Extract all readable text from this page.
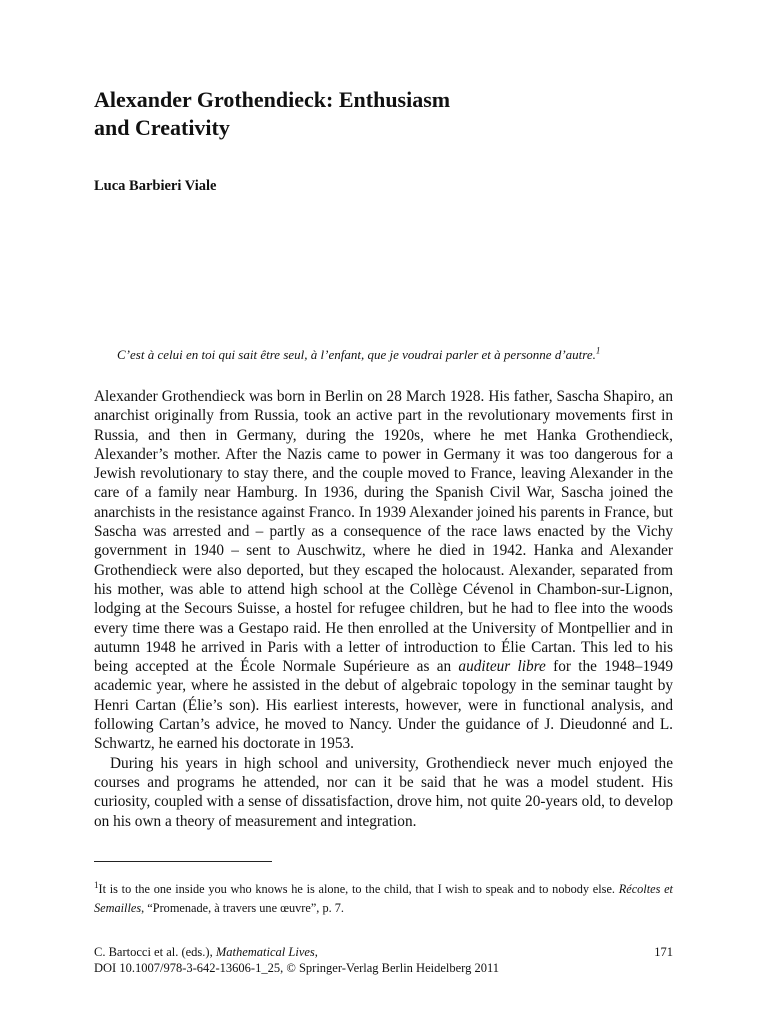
Alexander Grothendieck: Enthusiasm
and Creativity
Luca Barbieri Viale
C’est à celui en toi qui sait être seul, à l’enfant, que je voudrai parler et à personne d’autre.$^1$

Alexander Grothendieck was born in Berlin on 28 March 1928. His father, Sascha Shapiro, an anarchist originally from Russia, took an active part in the revolutionary movements first in Russia, and then in Germany, during the 1920s, where he met Hanka Grothendieck, Alexander’s mother. After the Nazis came to power in Germany it was too dangerous for a Jewish revolutionary to stay there, and the couple moved to France, leaving Alexander in the care of a family near Hamburg. In 1936, during the Spanish Civil War, Sascha joined the anarchists in the resistance against Franco. In 1939 Alexander joined his parents in France, but Sascha was arrested and – partly as a consequence of the race laws enacted by the Vichy government in 1940 – sent to Auschwitz, where he died in 1942. Hanka and Alexander Grothendieck were also deported, but they escaped the holocaust. Alexander, separated from his mother, was able to attend high school at the Collège Cévenol in Chambon-sur-Lignon, lodging at the Secours Suisse, a hostel for refugee children, but he had to flee into the woods every time there was a Gestapo raid. He then enrolled at the University of Montpellier and in autumn 1948 he arrived in Paris with a letter of introduction to Élie Cartan. This led to his being accepted at the École Normale Supérieure as an auditeur libre for the 1948–1949 academic year, where he assisted in the debut of algebraic topology in the seminar taught by Henri Cartan (Élie’s son). His earliest interests, however, were in functional analysis, and following Cartan’s advice, he moved to Nancy. Under the guidance of J. Dieudonné and L. Schwartz, he earned his doctorate in 1953.

During his years in high school and university, Grothendieck never much enjoyed the courses and programs he attended, nor can it be said that he was a model student. His curiosity, coupled with a sense of dissatisfaction, drove him, not quite 20-years old, to develop on his own a theory of measurement and integration.

$^1$It is to the one inside you who knows he is alone, to the child, that I wish to speak and to nobody else. Récoltes et Semailles, “Promenade, à travers une œuvre”, p. 7.
C. Bartocci et al. (eds.), Mathematical Lives,
DOI 10.1007/978-3-642-13606-1_25, © Springer-Verlag Berlin Heidelberg 2011
171
